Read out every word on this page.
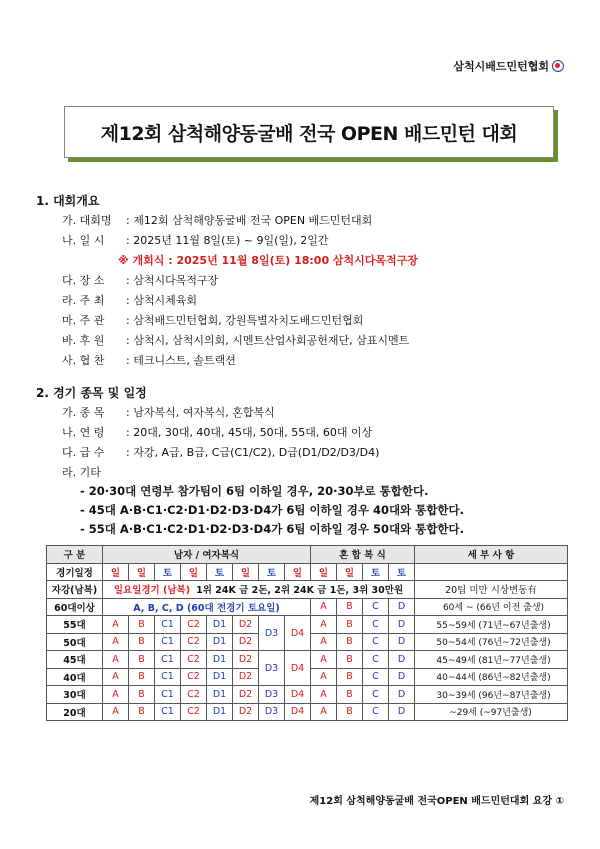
삼척시배드민턴협회
제12회 삼척해양동굴배 전국 OPEN 배드민턴 대회
1. 대회개요
가. 대회명 : 제12회 삼척해양동굴배 전국 OPEN 배드민턴대회
나. 일 시 : 2025년 11월 8일(토) ~ 9일(일), 2일간
※ 개회식 : 2025년 11월 8일(토) 18:00 삼척시다목적구장
다. 장 소 : 삼척시다목적구장
라. 주 최 : 삼척시체육회
마. 주 관 : 삼척배드민턴협회, 강원특별자치도배드민턴협회
바. 후 원 : 삼척시, 삼척시의회, 시멘트산업사회공헌재단, 삼표시멘트
사. 협 찬 : 테크니스트, 솔트랙션
2. 경기 종목 및 일정
가. 종 목 : 남자복식, 여자복식, 혼합복식
나. 연 령 : 20대, 30대, 40대, 45대, 50대, 55대, 60대 이상
다. 급 수 : 자강, A급, B급, C급(C1/C2), D급(D1/D2/D3/D4)
라. 기타
- 20·30대 연령부 참가팀이 6팀 이하일 경우, 20·30부로 통합한다.
- 45대 A·B·C1·C2·D1·D2·D3·D4가 6팀 이하일 경우 40대와 통합한다.
- 55대 A·B·C1·C2·D1·D2·D3·D4가 6팀 이하일 경우 50대와 통합한다.
구 분	남자 / 여자복식								혼 합 복 식				세 부 사 항
경기일정	일	일	토	일	토	일	토	일	일	일	토	토	
자강(남복)	일요일경기 (남복) 1위 24K 금 2돈, 2위 24K 금 1돈, 3위 30만원												20팀 미만 시상변동有
60대이상	A, B, C, D (60대 전경기 토요일)								A	B	C	D	60세 ~ (66년 이전 출생)
55대	A	B	C1	C2	D1	D2	D3	D4	A	B	C	D	55~59세 (71년~67년출생)
50대	A	B	C1	C2	D1	D2			A	B	C	D	50~54세 (76년~72년출생)
45대	A	B	C1	C2	D1	D2	D3	D4	A	B	C	D	45~49세 (81년~77년출생)
40대	A	B	C1	C2	D1	D2			A	B	C	D	40~44세 (86년~82년출생)
30대	A	B	C1	C2	D1	D2	D3	D4	A	B	C	D	30~39세 (96년~87년출생)
20대	A	B	C1	C2	D1	D2	D3	D4	A	B	C	D	~29세 (~97년출생)
제12회 삼척해양동굴배 전국OPEN 배드민턴대회 요강 ①
